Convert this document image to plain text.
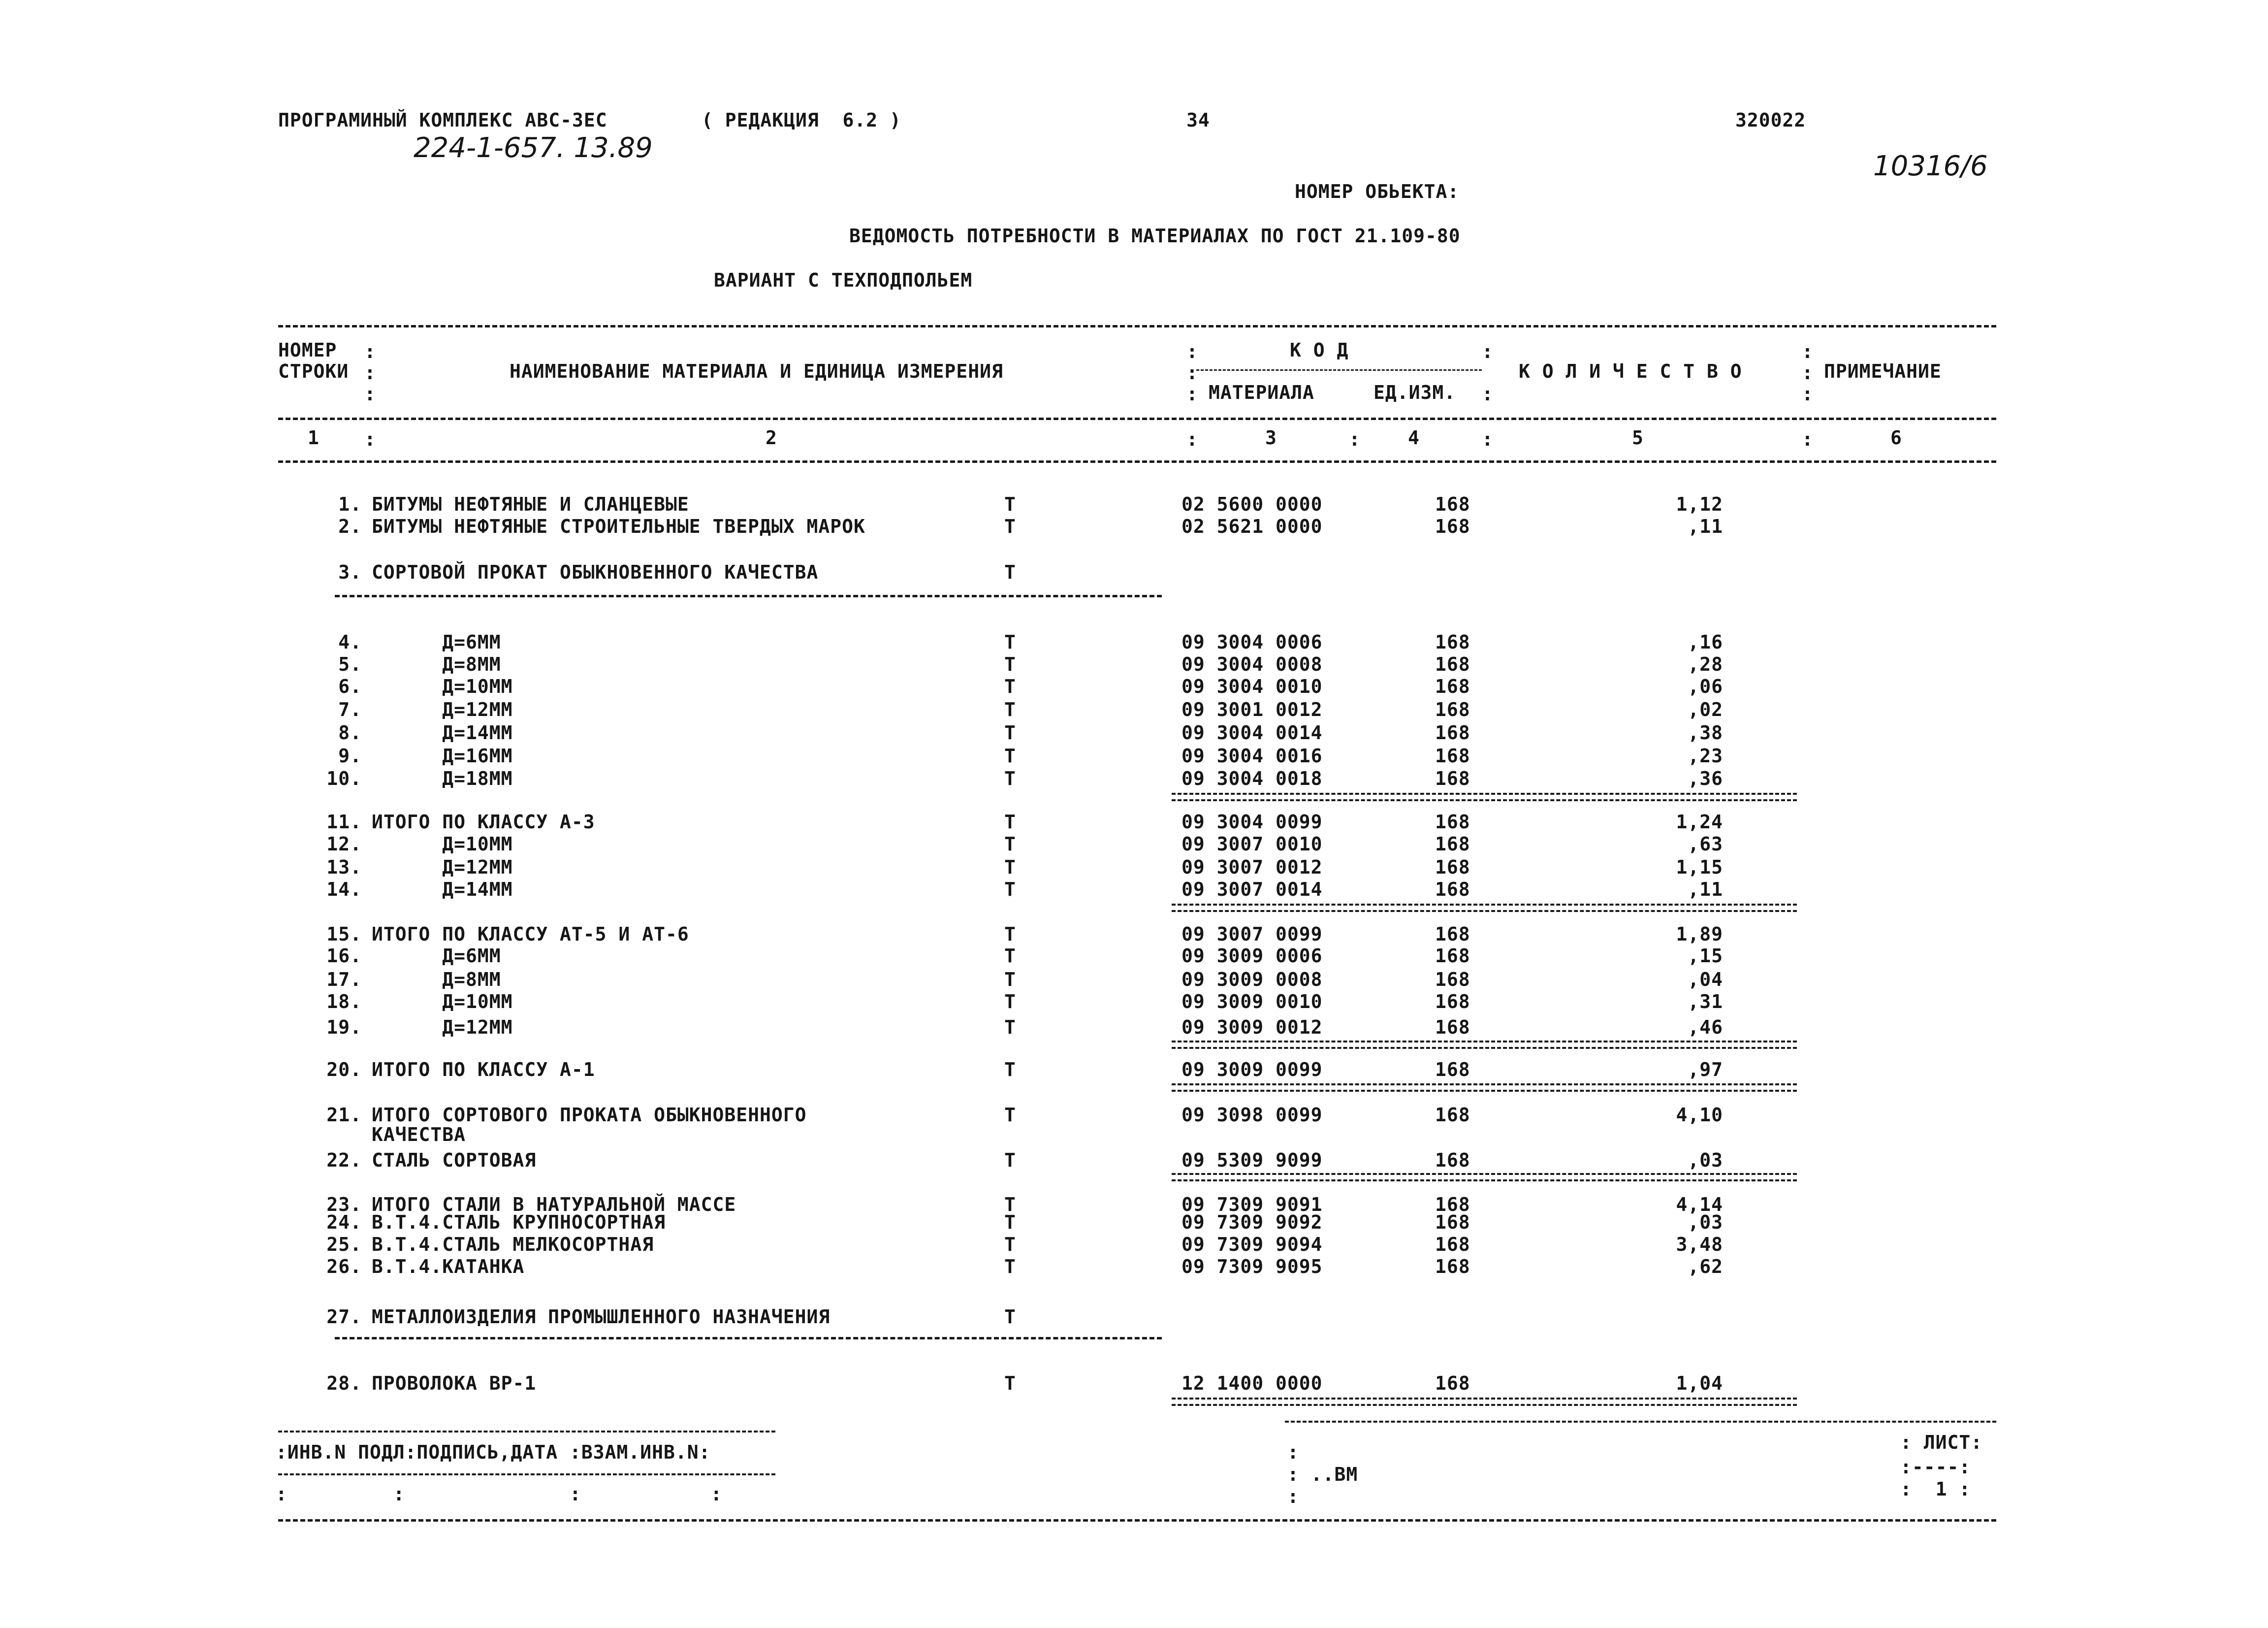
ПРОГРАМИНЫЙ КОМПЛЕКС АВС-ЗЕС	( РЕДАКЦИЯ  6.2 )	34	320022
224-1-657. 13.89
10316/6
НОМЕР ОБЬЕКТА:
ВЕДОМОСТЬ ПОТРЕБНОСТИ В МАТЕРИАЛАХ ПО ГОСТ 21.109-80
ВАРИАНТ С ТЕХПОДПОЛЬЕМ
НОМЕР
СТРОКИ	НАИМЕНОВАНИЕ МАТЕРИАЛА И ЕДИНИЦА ИЗМЕРЕНИЯ
К О Д
МАТЕРИАЛА	ЕД.ИЗМ.
К О Л И Ч Е С Т В О	ПРИМЕЧАНИЕ
1	2	3	4	5	6
:
:
:
:
:
:
:
:
:
:
:
:	:	:	:	:
1. БИТУМЫ НЕФТЯНЫЕ И СЛАНЦЕВЫЕ	Т	02 5600 0000	168	1,12
2. БИТУМЫ НЕФТЯНЫЕ СТРОИТЕЛЬНЫЕ ТВЕРДЫХ МАРОК	Т	02 5621 0000	168	,11
3. СОРТОВОЙ ПРОКАТ ОБЫКНОВЕННОГО КАЧЕСТВА	Т
4. Д=6ММ	Т	09 3004 0006	168	,16
5. Д=8ММ	Т	09 3004 0008	168	,28
6. Д=10ММ	Т	09 3004 0010	168	,06
7. Д=12ММ	Т	09 3001 0012	168	,02
8. Д=14ММ	Т	09 3004 0014	168	,38
9. Д=16ММ	Т	09 3004 0016	168	,23
10. Д=18ММ	Т	09 3004 0018	168	,36
11. ИТОГО ПО КЛАССУ А-3	Т	09 3004 0099	168	1,24
12. Д=10ММ	Т	09 3007 0010	168	,63
13. Д=12ММ	Т	09 3007 0012	168	1,15
14. Д=14ММ	Т	09 3007 0014	168	,11
15. ИТОГО ПО КЛАССУ АТ-5 И АТ-6	Т	09 3007 0099	168	1,89
16. Д=6ММ	Т	09 3009 0006	168	,15
17. Д=8ММ	Т	09 3009 0008	168	,04
18. Д=10ММ	Т	09 3009 0010	168	,31
19. Д=12ММ	Т	09 3009 0012	168	,46
20. ИТОГО ПО КЛАССУ А-1	Т	09 3009 0099	168	,97
21. ИТОГО СОРТОВОГО ПРОКАТА ОБЫКНОВЕННОГО	Т	09 3098 0099	168	4,10
КАЧЕСТВА
22. СТАЛЬ СОРТОВАЯ	Т	09 5309 9099	168	,03
23. ИТОГО СТАЛИ В НАТУРАЛЬНОЙ МАССЕ	Т	09 7309 9091	168	4,14
24. В.Т.4.СТАЛЬ КРУПНОСОРТНАЯ	Т	09 7309 9092	168	,03
25. В.Т.4.СТАЛЬ МЕЛКОСОРТНАЯ	Т	09 7309 9094	168	3,48
26. В.Т.4.КАТАНКА	Т	09 7309 9095	168	,62
27. МЕТАЛЛОИЗДЕЛИЯ ПРОМЫШЛЕННОГО НАЗНАЧЕНИЯ	Т
28. ПРОВОЛОКА ВР-1	Т	12 1400 0000	168	1,04
:ИНВ.N ПОДЛ:ПОДПИСЬ,ДАТА :ВЗАМ.ИНВ.N:
:         :              :           :
:
: ..ВМ
:
: ЛИСТ:
:----:
:  1 :
